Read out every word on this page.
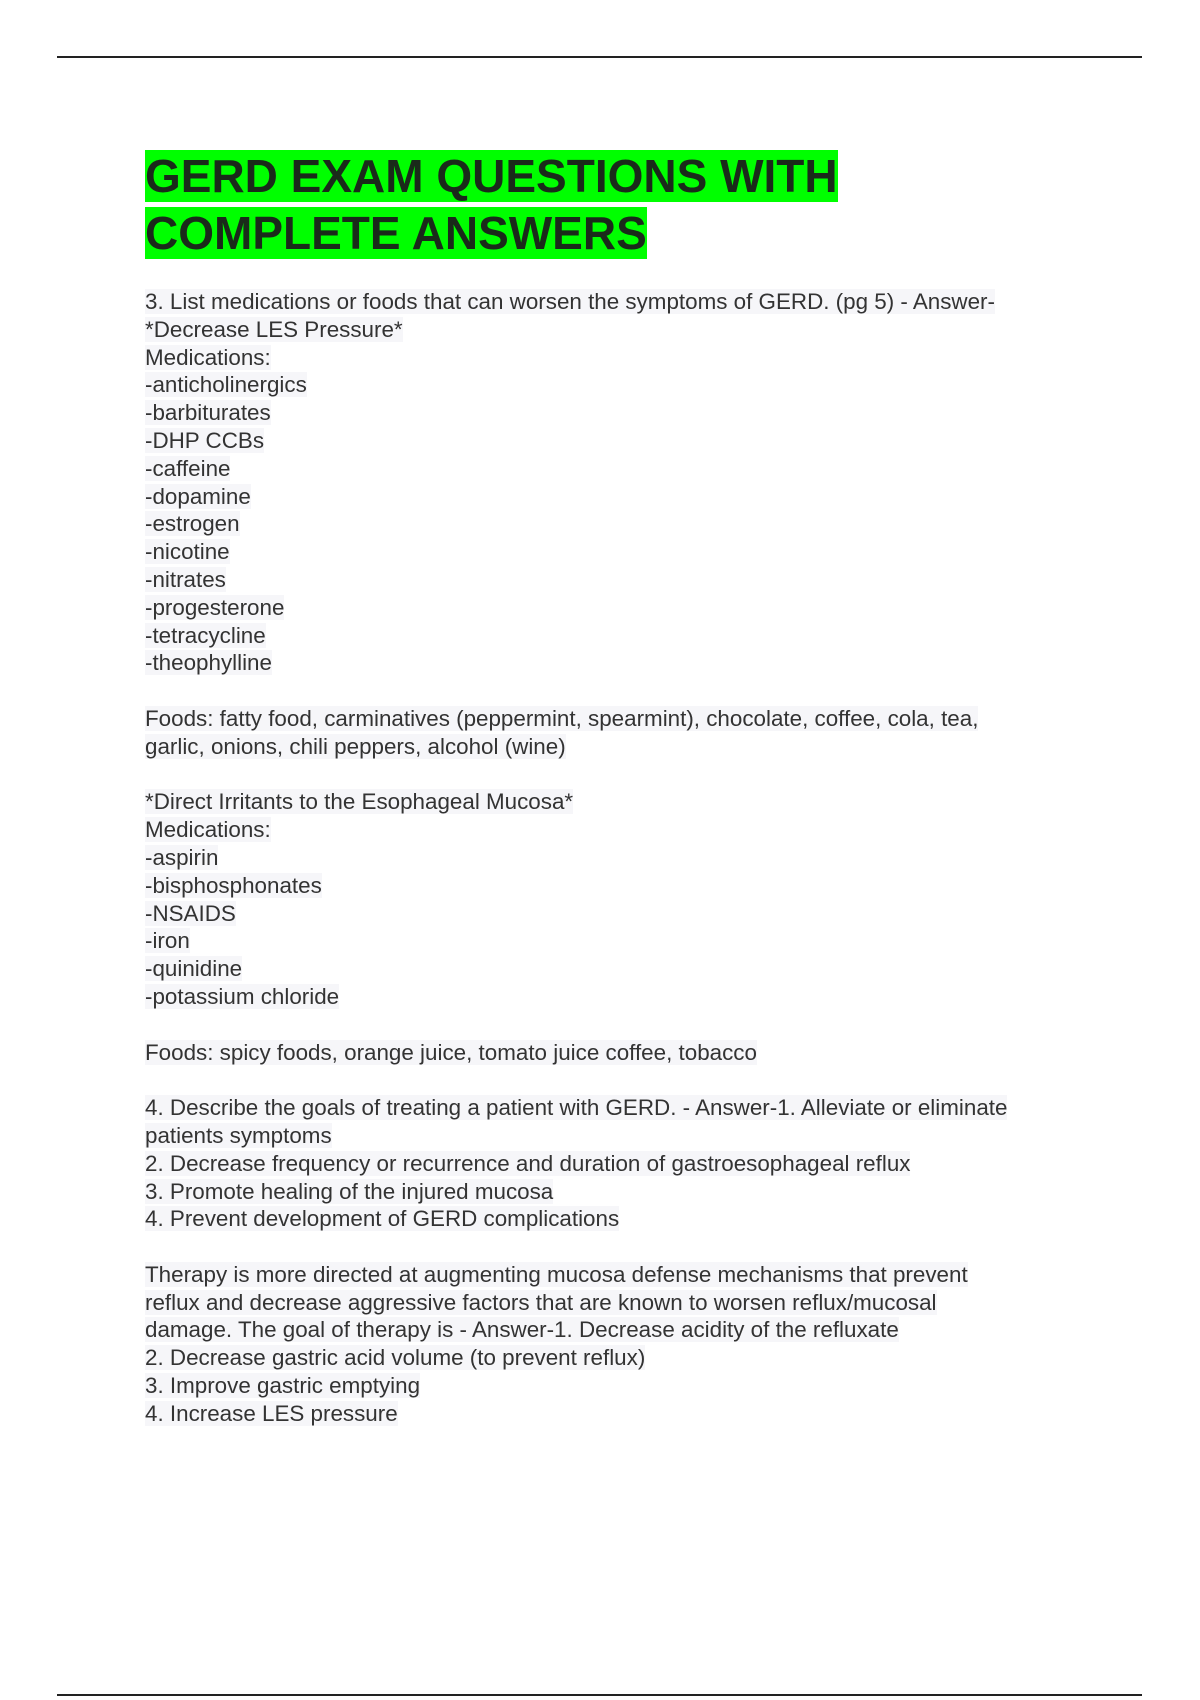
GERD EXAM QUESTIONS WITH COMPLETE ANSWERS
3. List medications or foods that can worsen the symptoms of GERD. (pg 5) - Answer-
*Decrease LES Pressure*
Medications:
-anticholinergics
-barbiturates
-DHP CCBs
-caffeine
-dopamine
-estrogen
-nicotine
-nitrates
-progesterone
-tetracycline
-theophylline
Foods: fatty food, carminatives (peppermint, spearmint), chocolate, coffee, cola, tea,
garlic, onions, chili peppers, alcohol (wine)
*Direct Irritants to the Esophageal Mucosa*
Medications:
-aspirin
-bisphosphonates
-NSAIDS
-iron
-quinidine
-potassium chloride
Foods: spicy foods, orange juice, tomato juice coffee, tobacco
4. Describe the goals of treating a patient with GERD. - Answer-1. Alleviate or eliminate
patients symptoms
2. Decrease frequency or recurrence and duration of gastroesophageal reflux
3. Promote healing of the injured mucosa
4. Prevent development of GERD complications
Therapy is more directed at augmenting mucosa defense mechanisms that prevent
reflux and decrease aggressive factors that are known to worsen reflux/mucosal
damage. The goal of therapy is - Answer-1. Decrease acidity of the refluxate
2. Decrease gastric acid volume (to prevent reflux)
3. Improve gastric emptying
4. Increase LES pressure
